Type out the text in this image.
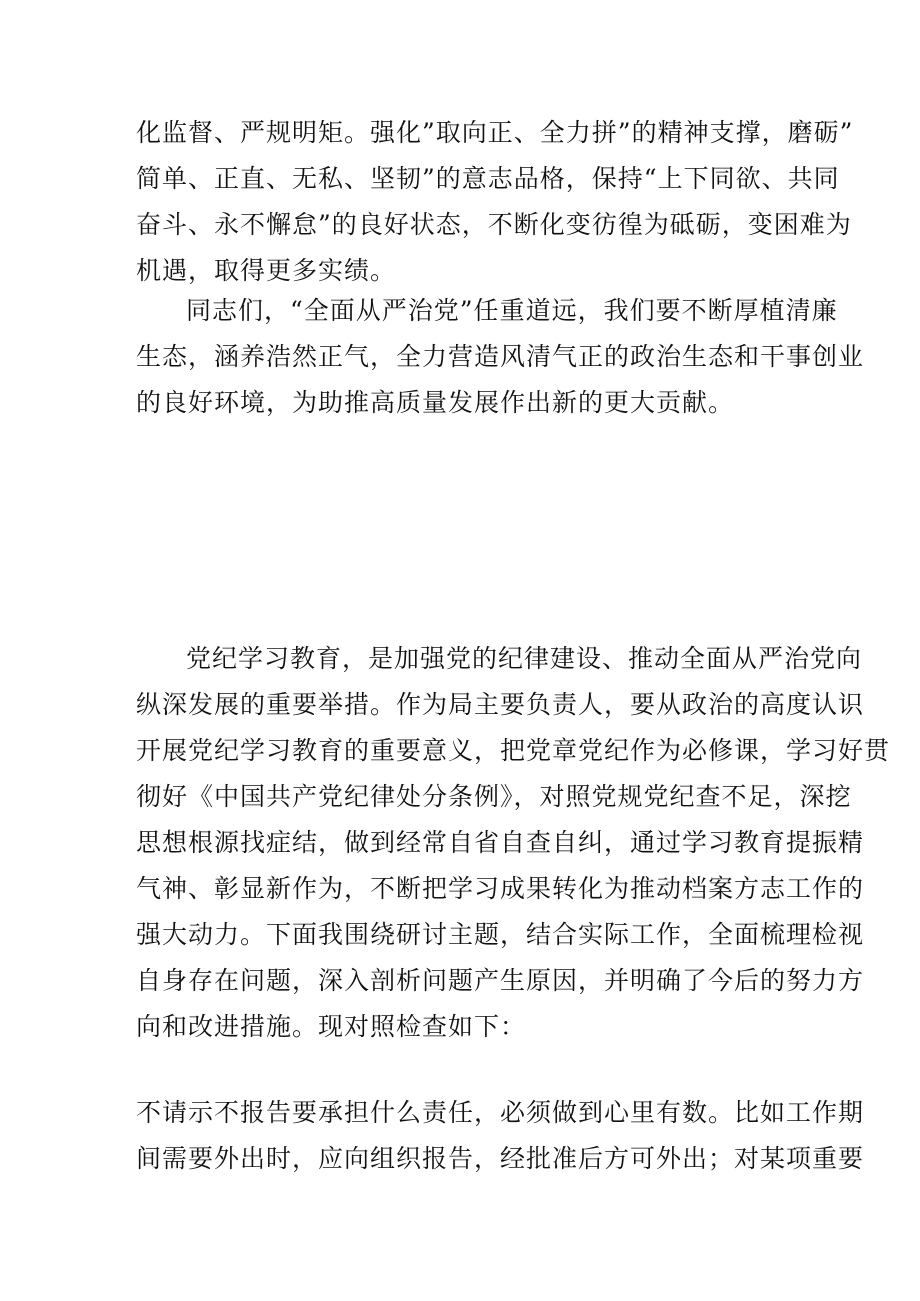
化监督、严规明矩。强化”取向正、全力拼”的精神支撑，磨砺”
简单、正直、无私、坚韧”的意志品格，保持“上下同欲、共同
奋斗、永不懈怠”的良好状态，不断化变彷徨为砥砺，变困难为
机遇，取得更多实绩。
同志们，“全面从严治党”任重道远，我们要不断厚植清廉
生态，涵养浩然正气，全力营造风清气正的政治生态和干事创业
的良好环境，为助推高质量发展作出新的更大贡献。
党纪学习教育，是加强党的纪律建设、推动全面从严治党向
纵深发展的重要举措。作为局主要负责人，要从政治的高度认识
开展党纪学习教育的重要意义，把党章党纪作为必修课，学习好贯
彻好《中国共产党纪律处分条例》，对照党规党纪查不足，深挖
思想根源找症结，做到经常自省自查自纠，通过学习教育提振精
气神、彰显新作为，不断把学习成果转化为推动档案方志工作的
强大动力。下面我围绕研讨主题，结合实际工作，全面梳理检视
自身存在问题，深入剖析问题产生原因，并明确了今后的努力方
向和改进措施。现对照检查如下：
不请示不报告要承担什么责任，必须做到心里有数。比如工作期
间需要外出时，应向组织报告，经批准后方可外出；对某项重要
